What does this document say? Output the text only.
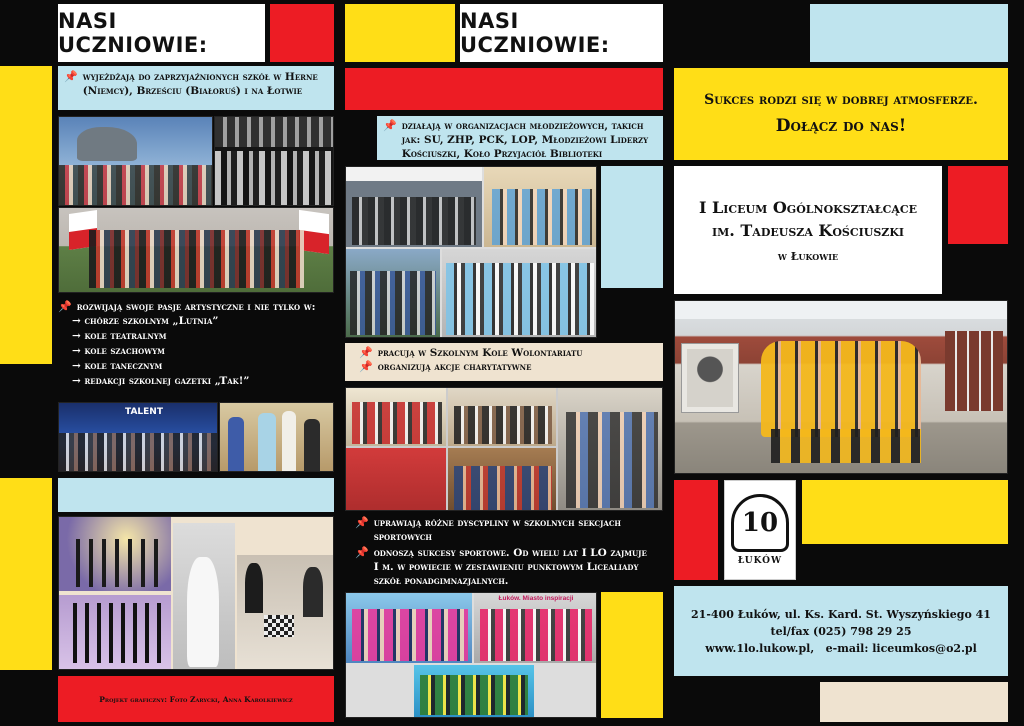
NASI UCZNIOWIE:
📌 wyjeżdżają do zaprzyjaźnionych szkół w Herne (Niemcy), Brześciu (Białoruś) i na Łotwie
📌 rozwijają swoje pasje artystyczne i nie tylko w:
→ chórze szkolnym „Lutnia”
→ kole teatralnym
→ kole szachowym
→ kole tanecznym
→ redakcji szkolnej gazetki „Tak!”
TALENT
Projekt graficzny: Foto Zarycki, Anna Karolkiewicz
NASI UCZNIOWIE:
📌 działają w organizacjach młodzieżowych, takich jak: SU, ZHP, PCK, LOP, Młodzieżowi Liderzy Kościuszki, Koło Przyjaciół Biblioteki
📌 pracują w Szkolnym Kole Wolontariatu
📌 organizują akcje charytatywne
📌 uprawiają różne dyscypliny w szkolnych sekcjach sportowych
📌 odnoszą sukcesy sportowe. Od wielu lat I LO zajmuje I m. w powiecie w zestawieniu punktowym Licealiady szkół ponadgimnazjalnych.
Łuków. Miasto inspiracji
Sukces rodzi się w dobrej atmosferze.
Dołącz do nas!
I Liceum Ogólnokształcące
im. Tadeusza Kościuszki
w Łukowie
10
ŁUKÓW
21-400 Łuków, ul. Ks. Kard. St. Wyszyńskiego 41
tel/fax (025) 798 29 25
www.1lo.lukow.pl,   e-mail: liceumkos@o2.pl
